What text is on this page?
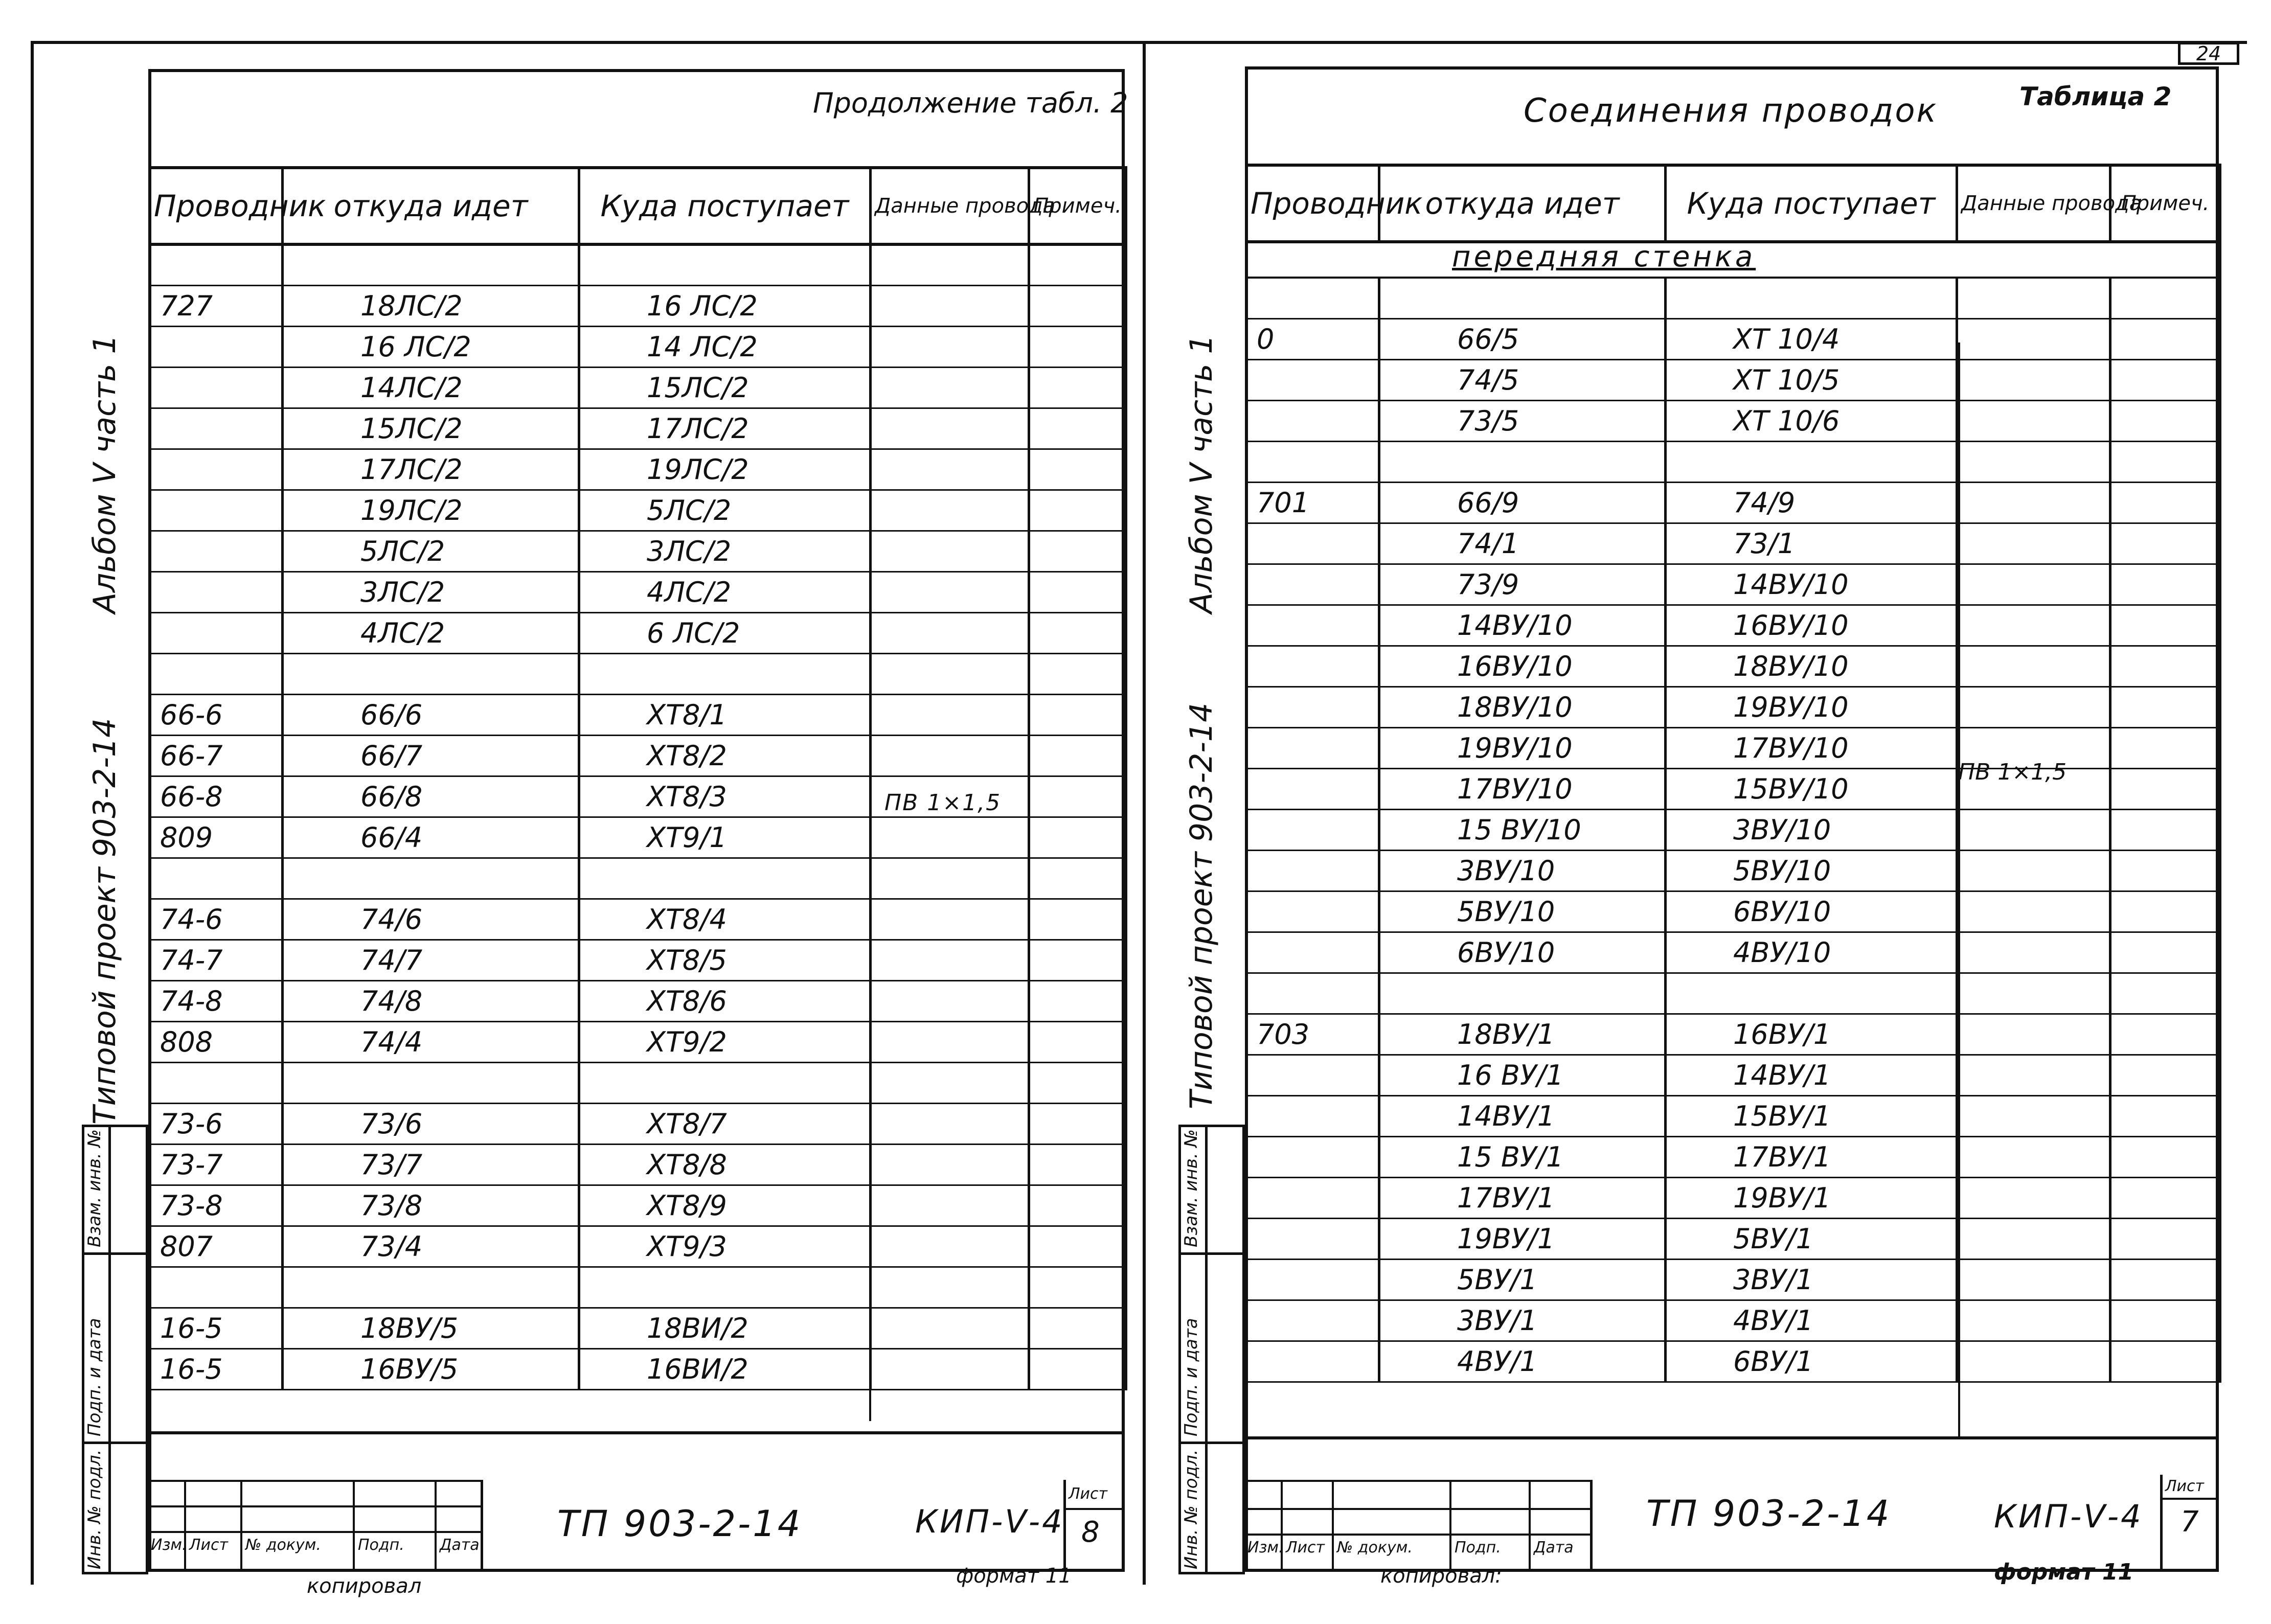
Альбом Ⅴ часть 1
Типовой проект 903-2-14
Инв. № подл.
Подп. и дата
Взам. инв. №
Продолжение табл. 2
Проводник	откуда идет	Куда поступает	Данные провода	Примеч.

727	18ЛС/2	16 ЛС/2		
	16 ЛС/2	14 ЛС/2		
	14ЛС/2	15ЛС/2		
	15ЛС/2	17ЛС/2		
	17ЛС/2	19ЛС/2		
	19ЛС/2	5ЛС/2		
	5ЛС/2	3ЛС/2		
	3ЛС/2	4ЛС/2		
	4ЛС/2	6 ЛС/2		

66-6	66/6	ХТ8/1		
66-7	66/7	ХТ8/2		
66-8	66/8	ХТ8/3		
809	66/4	ХТ9/1		

74-6	74/6	ХТ8/4		
74-7	74/7	ХТ8/5		
74-8	74/8	ХТ8/6		
808	74/4	ХТ9/2		

73-6	73/6	ХТ8/7		
73-7	73/7	ХТ8/8		
73-8	73/8	ХТ8/9		
807	73/4	ХТ9/3		

16-5	18ВУ/5	18ВИ/2		
16-5	16ВУ/5	16ВИ/2		
ПВ 1×1,5
Изм. Лист № докум. Подп. Дата
ТП 903-2-14	КИП-Ⅴ-4
Лист
8
копировал	формат 11
24
Альбом Ⅴ часть 1
Типовой проект 903-2-14
Инв. № подл.
Подп. и дата
Взам. инв. №
Соединения проводок	Таблица 2
Проводник	откуда идет	Куда поступает	Данные провода	Примеч.

передняя стенка				

0	66/5	ХТ 10/4		
	74/5	ХТ 10/5		
	73/5	ХТ 10/6		

701	66/9	74/9		
	74/1	73/1		
	73/9	14ВУ/10		
	14ВУ/10	16ВУ/10		
	16ВУ/10	18ВУ/10		
	18ВУ/10	19ВУ/10		
	19ВУ/10	17ВУ/10		
	17ВУ/10	15ВУ/10		
	15 ВУ/10	3ВУ/10		
	3ВУ/10	5ВУ/10		
	5ВУ/10	6ВУ/10		
	6ВУ/10	4ВУ/10		

703	18ВУ/1	16ВУ/1		
	16 ВУ/1	14ВУ/1		
	14ВУ/1	15ВУ/1		
	15 ВУ/1	17ВУ/1		
	17ВУ/1	19ВУ/1		
	19ВУ/1	5ВУ/1		
	5ВУ/1	3ВУ/1		
	3ВУ/1	4ВУ/1		
	4ВУ/1	6ВУ/1		
ПВ 1×1,5
Изм. Лист № докум.	Подп. Дата
ТП 903-2-14	КИП-Ⅴ-4
Лист
7
копировал:	формат 11
